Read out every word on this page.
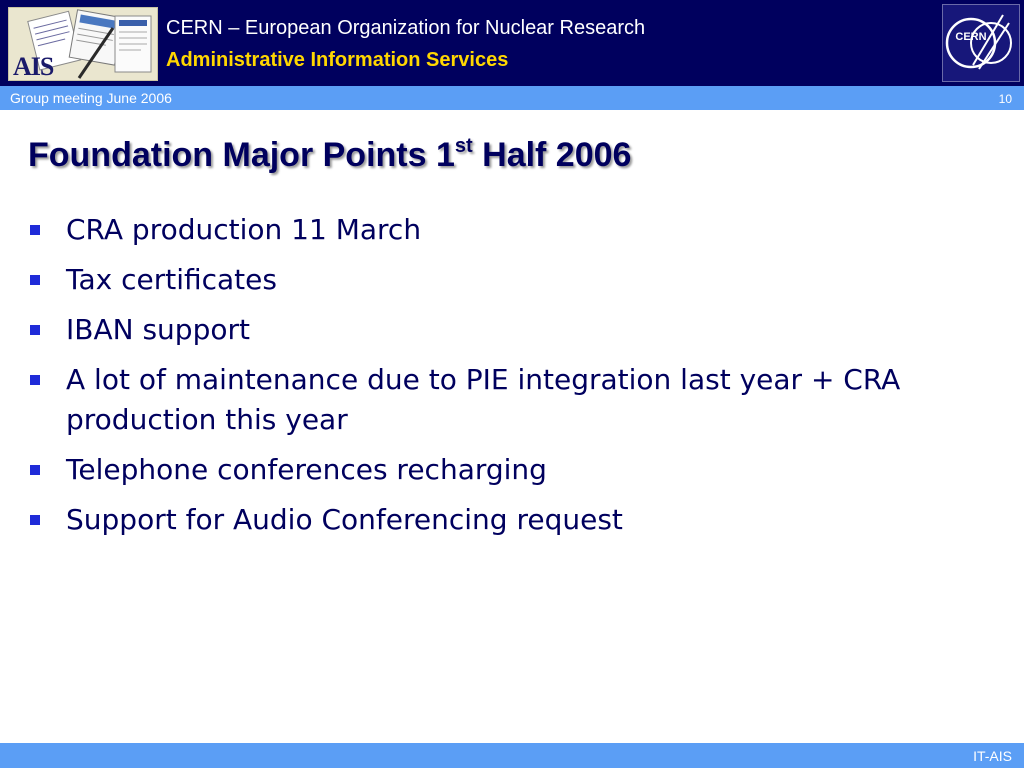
AIS
CERN – European Organization for Nuclear Research
Administrative Information Services
CERN
Group meeting June 2006	10
Foundation Major Points 1st Half 2006
CRA production 11 March
Tax certificates
IBAN support
A lot of maintenance due to PIE integration last year + CRA production this year
Telephone conferences recharging
Support for Audio Conferencing request
IT-AIS
